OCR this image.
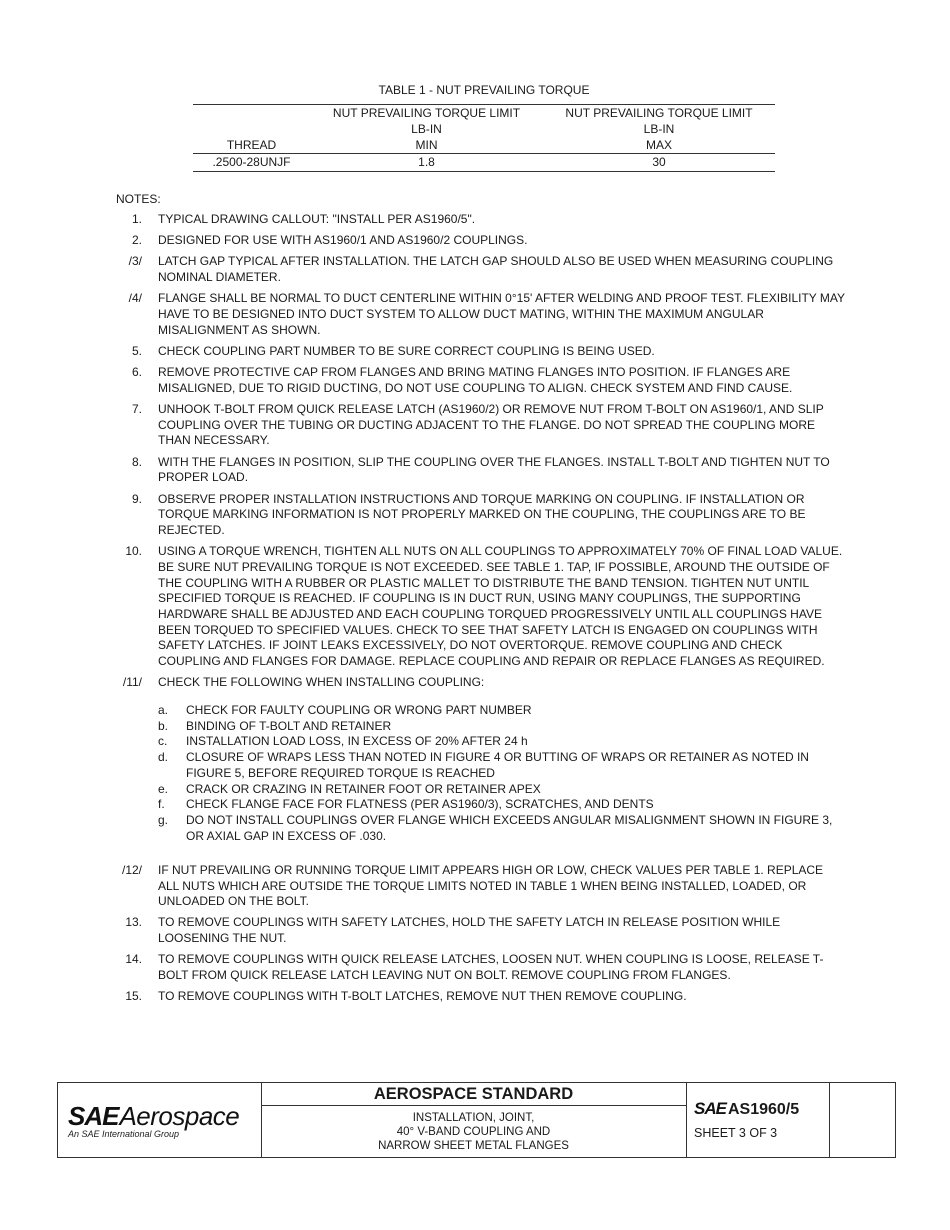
TABLE 1 - NUT PREVAILING TORQUE
	NUT PREVAILING TORQUE LIMIT	NUT PREVAILING TORQUE LIMIT
	LB-IN	LB-IN
THREAD	MIN	MAX
.2500-28UNJF	1.8	30
NOTES:
1. TYPICAL DRAWING CALLOUT: "INSTALL PER AS1960/5".
2. DESIGNED FOR USE WITH AS1960/1 AND AS1960/2 COUPLINGS.
/3/ LATCH GAP TYPICAL AFTER INSTALLATION. THE LATCH GAP SHOULD ALSO BE USED WHEN MEASURING COUPLING NOMINAL DIAMETER.
/4/ FLANGE SHALL BE NORMAL TO DUCT CENTERLINE WITHIN 0°15' AFTER WELDING AND PROOF TEST. FLEXIBILITY MAY HAVE TO BE DESIGNED INTO DUCT SYSTEM TO ALLOW DUCT MATING, WITHIN THE MAXIMUM ANGULAR MISALIGNMENT AS SHOWN.
5. CHECK COUPLING PART NUMBER TO BE SURE CORRECT COUPLING IS BEING USED.
6. REMOVE PROTECTIVE CAP FROM FLANGES AND BRING MATING FLANGES INTO POSITION. IF FLANGES ARE MISALIGNED, DUE TO RIGID DUCTING, DO NOT USE COUPLING TO ALIGN. CHECK SYSTEM AND FIND CAUSE.
7. UNHOOK T-BOLT FROM QUICK RELEASE LATCH (AS1960/2) OR REMOVE NUT FROM T-BOLT ON AS1960/1, AND SLIP COUPLING OVER THE TUBING OR DUCTING ADJACENT TO THE FLANGE. DO NOT SPREAD THE COUPLING MORE THAN NECESSARY.
8. WITH THE FLANGES IN POSITION, SLIP THE COUPLING OVER THE FLANGES. INSTALL T-BOLT AND TIGHTEN NUT TO PROPER LOAD.
9. OBSERVE PROPER INSTALLATION INSTRUCTIONS AND TORQUE MARKING ON COUPLING. IF INSTALLATION OR TORQUE MARKING INFORMATION IS NOT PROPERLY MARKED ON THE COUPLING, THE COUPLINGS ARE TO BE REJECTED.
10. USING A TORQUE WRENCH, TIGHTEN ALL NUTS ON ALL COUPLINGS TO APPROXIMATELY 70% OF FINAL LOAD VALUE. BE SURE NUT PREVAILING TORQUE IS NOT EXCEEDED. SEE TABLE 1. TAP, IF POSSIBLE, AROUND THE OUTSIDE OF THE COUPLING WITH A RUBBER OR PLASTIC MALLET TO DISTRIBUTE THE BAND TENSION. TIGHTEN NUT UNTIL SPECIFIED TORQUE IS REACHED. IF COUPLING IS IN DUCT RUN, USING MANY COUPLINGS, THE SUPPORTING HARDWARE SHALL BE ADJUSTED AND EACH COUPLING TORQUED PROGRESSIVELY UNTIL ALL COUPLINGS HAVE BEEN TORQUED TO SPECIFIED VALUES. CHECK TO SEE THAT SAFETY LATCH IS ENGAGED ON COUPLINGS WITH SAFETY LATCHES. IF JOINT LEAKS EXCESSIVELY, DO NOT OVERTORQUE. REMOVE COUPLING AND CHECK COUPLING AND FLANGES FOR DAMAGE. REPLACE COUPLING AND REPAIR OR REPLACE FLANGES AS REQUIRED.
/11/ CHECK THE FOLLOWING WHEN INSTALLING COUPLING:
a.	CHECK FOR FAULTY COUPLING OR WRONG PART NUMBER
b.	BINDING OF T-BOLT AND RETAINER
c.	INSTALLATION LOAD LOSS, IN EXCESS OF 20% AFTER 24 h
d.	CLOSURE OF WRAPS LESS THAN NOTED IN FIGURE 4 OR BUTTING OF WRAPS OR RETAINER AS NOTED IN FIGURE 5, BEFORE REQUIRED TORQUE IS REACHED
e.	CRACK OR CRAZING IN RETAINER FOOT OR RETAINER APEX
f.	CHECK FLANGE FACE FOR FLATNESS (PER AS1960/3), SCRATCHES, AND DENTS
g.	DO NOT INSTALL COUPLINGS OVER FLANGE WHICH EXCEEDS ANGULAR MISALIGNMENT SHOWN IN FIGURE 3, OR AXIAL GAP IN EXCESS OF .030.
/12/ IF NUT PREVAILING OR RUNNING TORQUE LIMIT APPEARS HIGH OR LOW, CHECK VALUES PER TABLE 1. REPLACE ALL NUTS WHICH ARE OUTSIDE THE TORQUE LIMITS NOTED IN TABLE 1 WHEN BEING INSTALLED, LOADED, OR UNLOADED ON THE BOLT.
13. TO REMOVE COUPLINGS WITH SAFETY LATCHES, HOLD THE SAFETY LATCH IN RELEASE POSITION WHILE LOOSENING THE NUT.
14. TO REMOVE COUPLINGS WITH QUICK RELEASE LATCHES, LOOSEN NUT. WHEN COUPLING IS LOOSE, RELEASE T-BOLT FROM QUICK RELEASE LATCH LEAVING NUT ON BOLT. REMOVE COUPLING FROM FLANGES.
15. TO REMOVE COUPLINGS WITH T-BOLT LATCHES, REMOVE NUT THEN REMOVE COUPLING.
SAEAerospace
An SAE International Group
AEROSPACE STANDARD
INSTALLATION, JOINT,
40° V-BAND COUPLING AND
NARROW SHEET METAL FLANGES
SAE AS1960/5
SHEET 3 OF 3
